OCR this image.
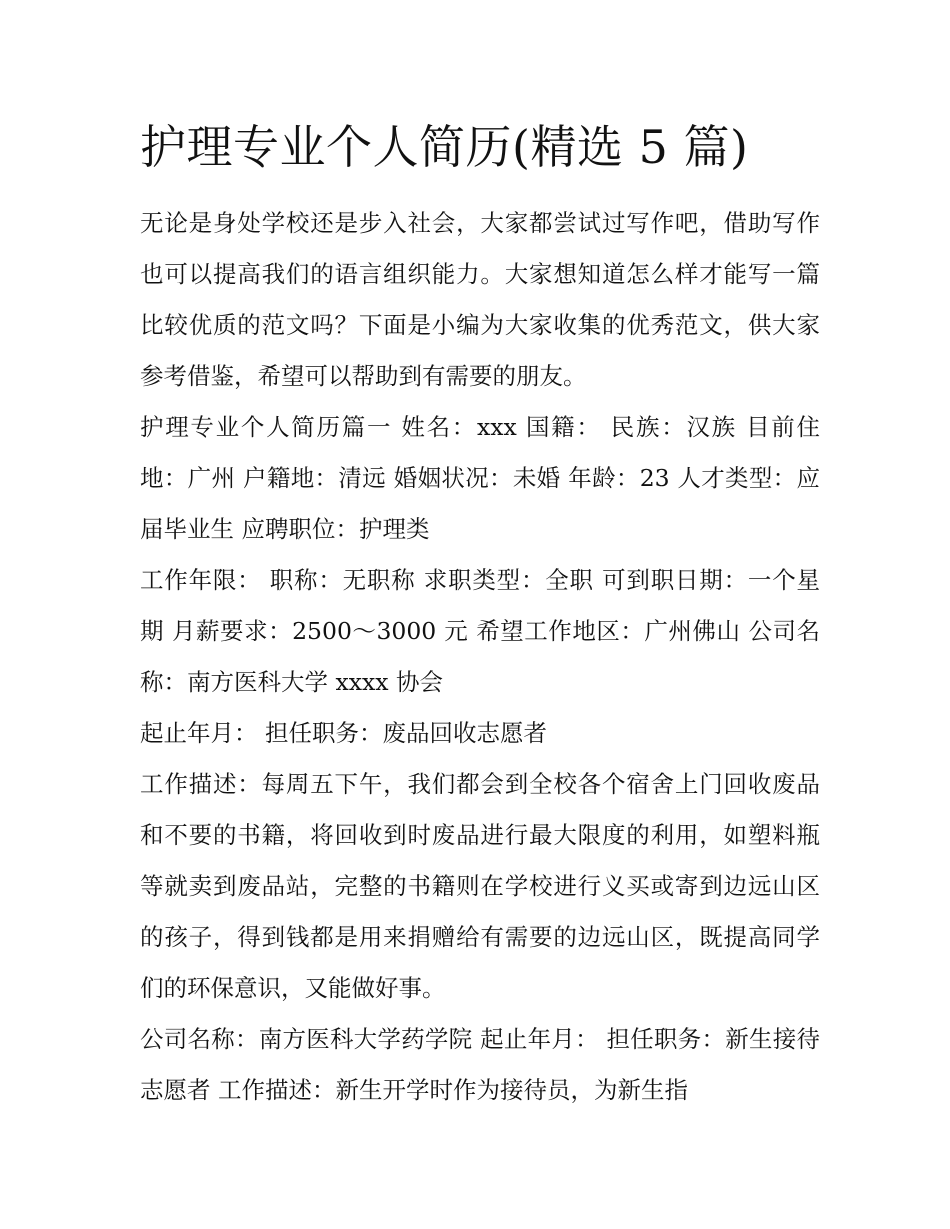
护理专业个人简历(精选 5 篇)

无论是身处学校还是步入社会，大家都尝试过写作吧，借助写作也可以提高我们的语言组织能力。大家想知道怎么样才能写一篇比较优质的范文吗？下面是小编为大家收集的优秀范文，供大家参考借鉴，希望可以帮助到有需要的朋友。

护理专业个人简历篇一 姓名：xxx 国籍： 民族：汉族 目前住地：广州 户籍地：清远 婚姻状况：未婚 年龄：23 人才类型：应届毕业生 应聘职位：护理类

工作年限： 职称：无职称 求职类型：全职 可到职日期：一个星期 月薪要求：2500～3000 元 希望工作地区：广州佛山 公司名称：南方医科大学 xxxx 协会

起止年月： 担任职务：废品回收志愿者

工作描述：每周五下午，我们都会到全校各个宿舍上门回收废品和不要的书籍，将回收到时废品进行最大限度的利用，如塑料瓶等就卖到废品站，完整的书籍则在学校进行义买或寄到边远山区的孩子，得到钱都是用来捐赠给有需要的边远山区，既提高同学们的环保意识，又能做好事。

公司名称：南方医科大学药学院 起止年月： 担任职务：新生接待志愿者 工作描述：新生开学时作为接待员，为新生指
